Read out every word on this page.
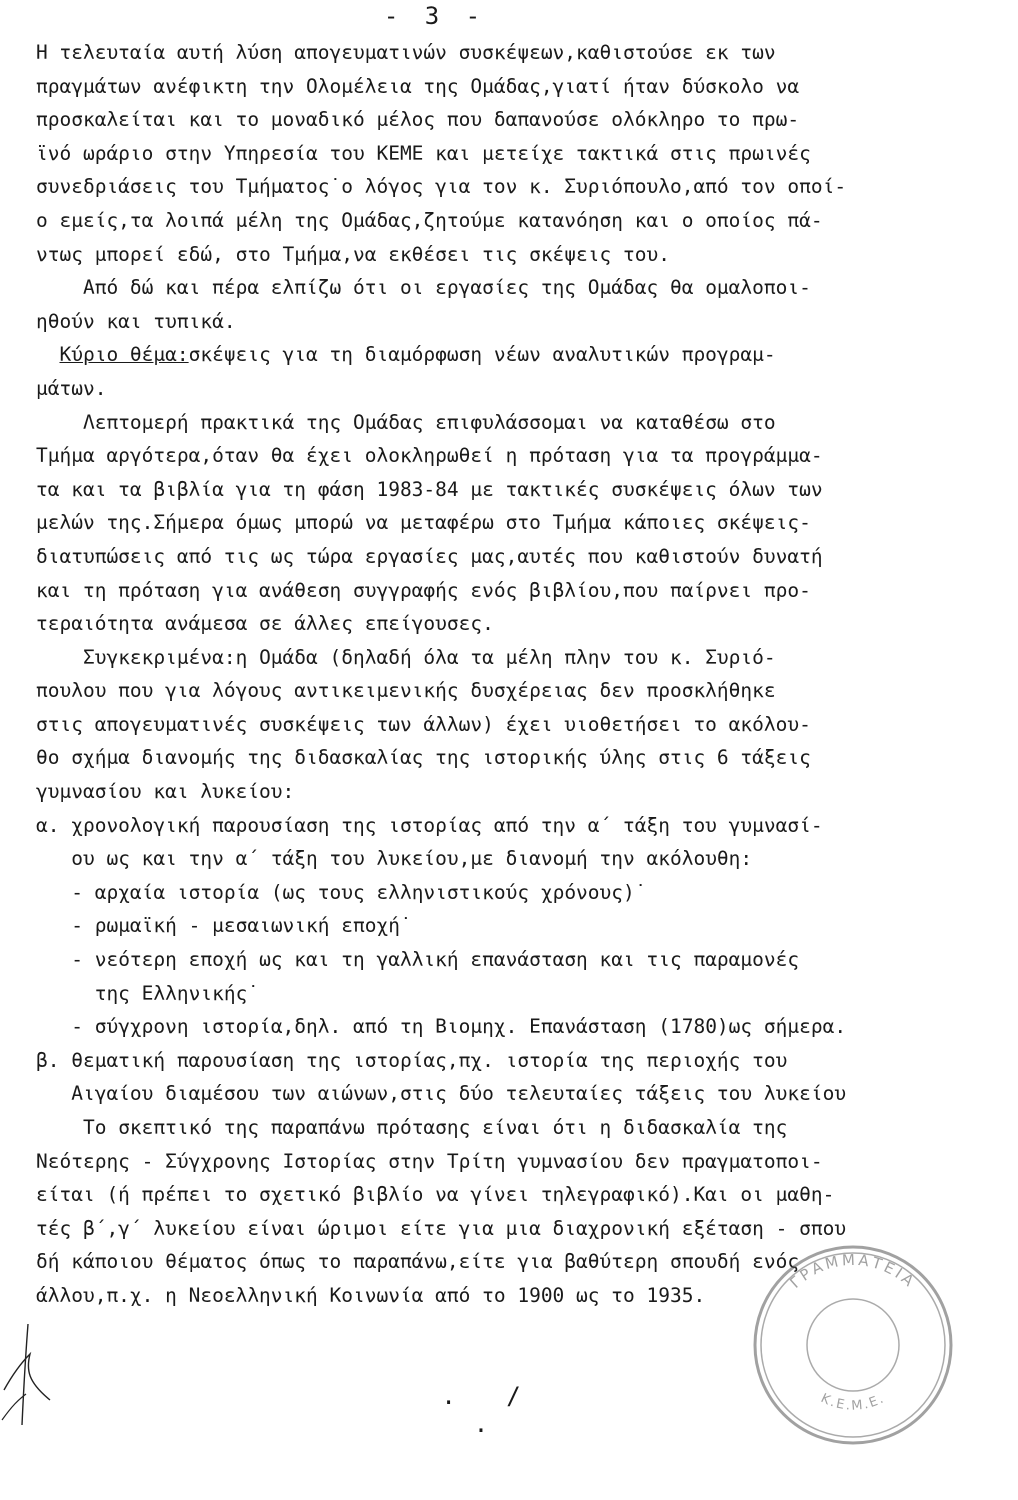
- 3 -
Η τελευταία αυτή λύση απογευματινών συσκέψεων,καθιστούσε εκ των
πραγμάτων ανέφικτη την Ολομέλεια της Ομάδας,γιατί ήταν δύσκολο να
προσκαλείται και το μοναδικό μέλος που δαπανούσε ολόκληρο το πρω-
ϊνό ωράριο στην Υπηρεσία του ΚΕΜΕ και μετείχε τακτικά στις πρωινές
συνεδριάσεις του Τμήματος˙ο λόγος για τον κ. Συριόπουλο,από τον οποί-
ο εμείς,τα λοιπά μέλη της Ομάδας,ζητούμε κατανόηση και ο οποίος πά-
ντως μπορεί εδώ, στο Τμήμα,να εκθέσει τις σκέψεις του.
Από δώ και πέρα ελπίζω ότι οι εργασίες της Ομάδας θα ομαλοποι-
ηθούν και τυπικά.
Κύριο θέμα:σκέψεις για τη διαμόρφωση νέων αναλυτικών προγραμ-
μάτων.
Λεπτομερή πρακτικά της Ομάδας επιφυλάσσομαι να καταθέσω στο
Τμήμα αργότερα,όταν θα έχει ολοκληρωθεί η πρόταση για τα προγράμμα-
τα και τα βιβλία για τη φάση 1983-84 με τακτικές συσκέψεις όλων των
μελών της.Σήμερα όμως μπορώ να μεταφέρω στο Τμήμα κάποιες σκέψεις-
διατυπώσεις από τις ως τώρα εργασίες μας,αυτές που καθιστούν δυνατή
και τη πρόταση για ανάθεση συγγραφής ενός βιβλίου,που παίρνει προ-
τεραιότητα ανάμεσα σε άλλες επείγουσες.
Συγκεκριμένα:η Ομάδα (δηλαδή όλα τα μέλη πλην του κ. Συριό-
πουλου που για λόγους αντικειμενικής δυσχέρειας δεν προσκλήθηκε
στις απογευματινές συσκέψεις των άλλων) έχει υιοθετήσει το ακόλου-
θο σχήμα διανομής της διδασκαλίας της ιστορικής ύλης στις 6 τάξεις
γυμνασίου και λυκείου:
α. χρονολογική παρουσίαση της ιστορίας από την α΄ τάξη του γυμνασί-
ου ως και την α΄ τάξη του λυκείου,με διανομή την ακόλουθη:
- αρχαία ιστορία (ως τους ελληνιστικούς χρόνους)˙
- ρωμαϊκή - μεσαιωνική εποχή˙
- νεότερη εποχή ως και τη γαλλική επανάσταση και τις παραμονές
της Ελληνικής˙
- σύγχρονη ιστορία,δηλ. από τη Βιομηχ. Επανάσταση (1780)ως σήμερα.
β. θεματική παρουσίαση της ιστορίας,πχ. ιστορία της περιοχής του
Αιγαίου διαμέσου των αιώνων,στις δύο τελευταίες τάξεις του λυκείου
Το σκεπτικό της παραπάνω πρότασης είναι ότι η διδασκαλία της
Νεότερης - Σύγχρονης Ιστορίας στην Τρίτη γυμνασίου δεν πραγματοποι-
είται (ή πρέπει το σχετικό βιβλίο να γίνει τηλεγραφικό).Και οι μαθη-
τές β΄,γ΄ λυκείου είναι ώριμοι είτε για μια διαχρονική εξέταση - σπου
δή κάποιου θέματος όπως το παραπάνω,είτε για βαθύτερη σπουδή ενός
άλλου,π.χ. η Νεοελληνική Κοινωνία από το 1900 ως το 1935.
. / .
ΓΡΑΜΜΑΤΕΙΑ
Κ.Ε.Μ.Ε.
